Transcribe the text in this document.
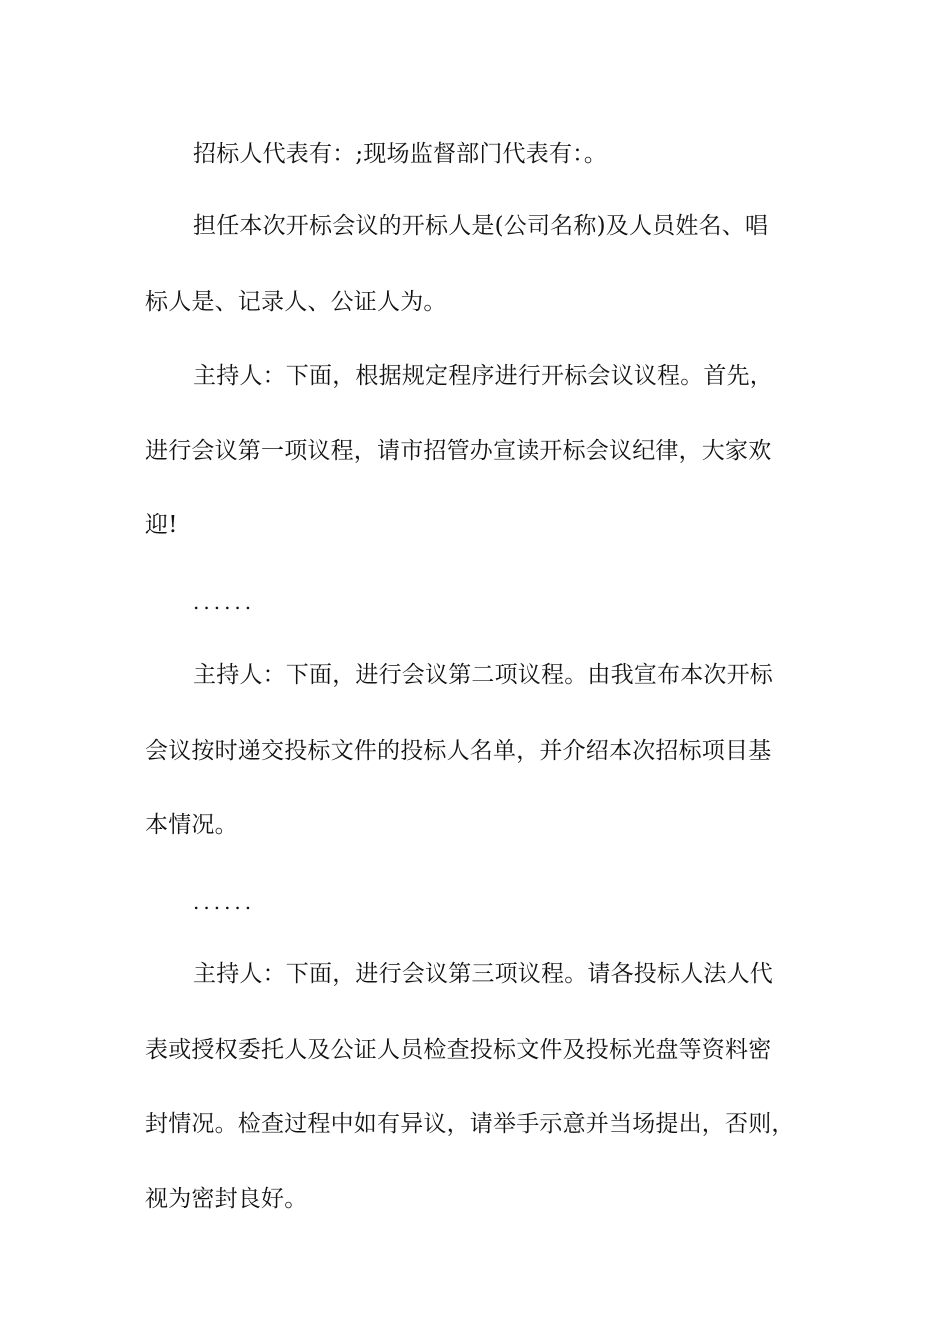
招标人代表有：;现场监督部门代表有：。
担任本次开标会议的开标人是(公司名称)及人员姓名、唱
标人是、记录人、公证人为。
主持人：下面，根据规定程序进行开标会议议程。首先，
进行会议第一项议程，请市招管办宣读开标会议纪律，大家欢
迎!
......
主持人：下面，进行会议第二项议程。由我宣布本次开标
会议按时递交投标文件的投标人名单，并介绍本次招标项目基
本情况。
......
主持人：下面，进行会议第三项议程。请各投标人法人代
表或授权委托人及公证人员检查投标文件及投标光盘等资料密
封情况。检查过程中如有异议，请举手示意并当场提出，否则，
视为密封良好。
